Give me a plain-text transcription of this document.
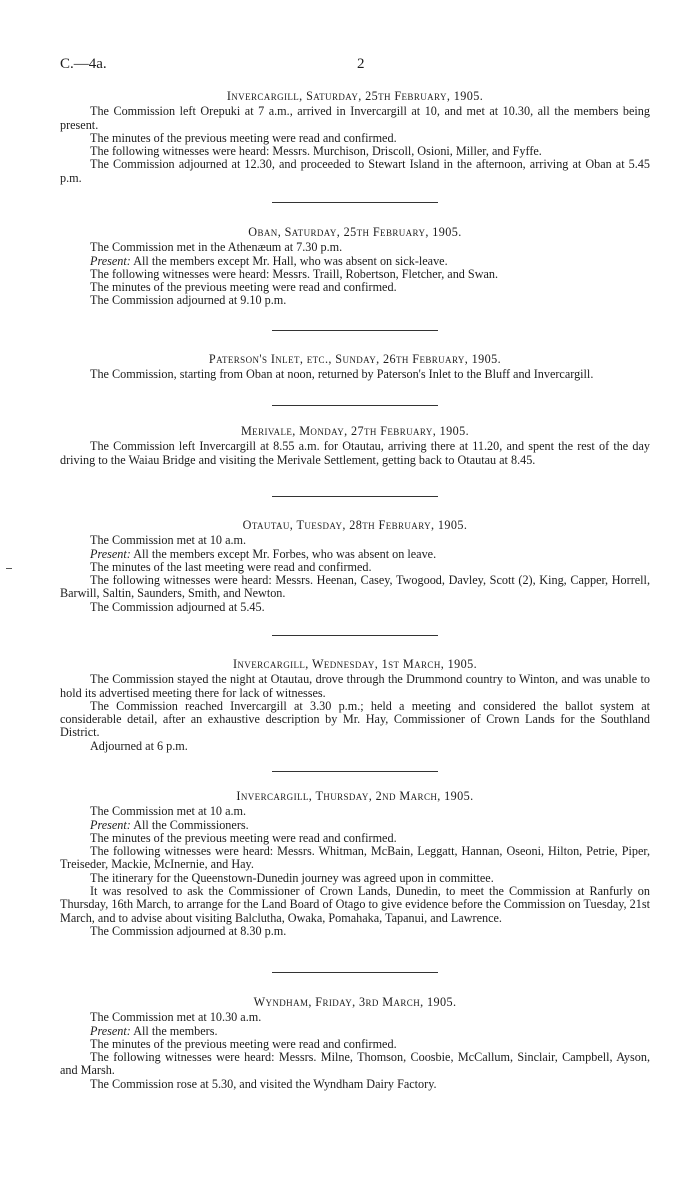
C.—4a.	2
Invercargill, Saturday, 25th February, 1905.

The Commission left Orepuki at 7 a.m., arrived in Invercargill at 10, and met at 10.30, all the members being present.

The minutes of the previous meeting were read and confirmed.

The following witnesses were heard: Messrs. Murchison, Driscoll, Osioni, Miller, and Fyffe.

The Commission adjourned at 12.30, and proceeded to Stewart Island in the afternoon, arriving at Oban at 5.45 p.m.

Oban, Saturday, 25th February, 1905.

The Commission met in the Athenæum at 7.30 p.m.

Present: All the members except Mr. Hall, who was absent on sick-leave.

The following witnesses were heard: Messrs. Traill, Robertson, Fletcher, and Swan.

The minutes of the previous meeting were read and confirmed.

The Commission adjourned at 9.10 p.m.

Paterson's Inlet, etc., Sunday, 26th February, 1905.

The Commission, starting from Oban at noon, returned by Paterson's Inlet to the Bluff and Invercargill.

Merivale, Monday, 27th February, 1905.

The Commission left Invercargill at 8.55 a.m. for Otautau, arriving there at 11.20, and spent the rest of the day driving to the Waiau Bridge and visiting the Merivale Settlement, getting back to Otautau at 8.45.

Otautau, Tuesday, 28th February, 1905.

The Commission met at 10 a.m.

Present: All the members except Mr. Forbes, who was absent on leave.

The minutes of the last meeting were read and confirmed.

The following witnesses were heard: Messrs. Heenan, Casey, Twogood, Davley, Scott (2), King, Capper, Horrell, Barwill, Saltin, Saunders, Smith, and Newton.

The Commission adjourned at 5.45.

Invercargill, Wednesday, 1st March, 1905.

The Commission stayed the night at Otautau, drove through the Drummond country to Winton, and was unable to hold its advertised meeting there for lack of witnesses.

The Commission reached Invercargill at 3.30 p.m.; held a meeting and considered the ballot system at considerable detail, after an exhaustive description by Mr. Hay, Commissioner of Crown Lands for the Southland District.

Adjourned at 6 p.m.

Invercargill, Thursday, 2nd March, 1905.

The Commission met at 10 a.m.

Present: All the Commissioners.

The minutes of the previous meeting were read and confirmed.

The following witnesses were heard: Messrs. Whitman, McBain, Leggatt, Hannan, Oseoni, Hilton, Petrie, Piper, Treiseder, Mackie, McInernie, and Hay.

The itinerary for the Queenstown-Dunedin journey was agreed upon in committee.

It was resolved to ask the Commissioner of Crown Lands, Dunedin, to meet the Commission at Ranfurly on Thursday, 16th March, to arrange for the Land Board of Otago to give evidence before the Commission on Tuesday, 21st March, and to advise about visiting Balclutha, Owaka, Pomahaka, Tapanui, and Lawrence.

The Commission adjourned at 8.30 p.m.

Wyndham, Friday, 3rd March, 1905.

The Commission met at 10.30 a.m.

Present: All the members.

The minutes of the previous meeting were read and confirmed.

The following witnesses were heard: Messrs. Milne, Thomson, Coosbie, McCallum, Sinclair, Campbell, Ayson, and Marsh.

The Commission rose at 5.30, and visited the Wyndham Dairy Factory.
